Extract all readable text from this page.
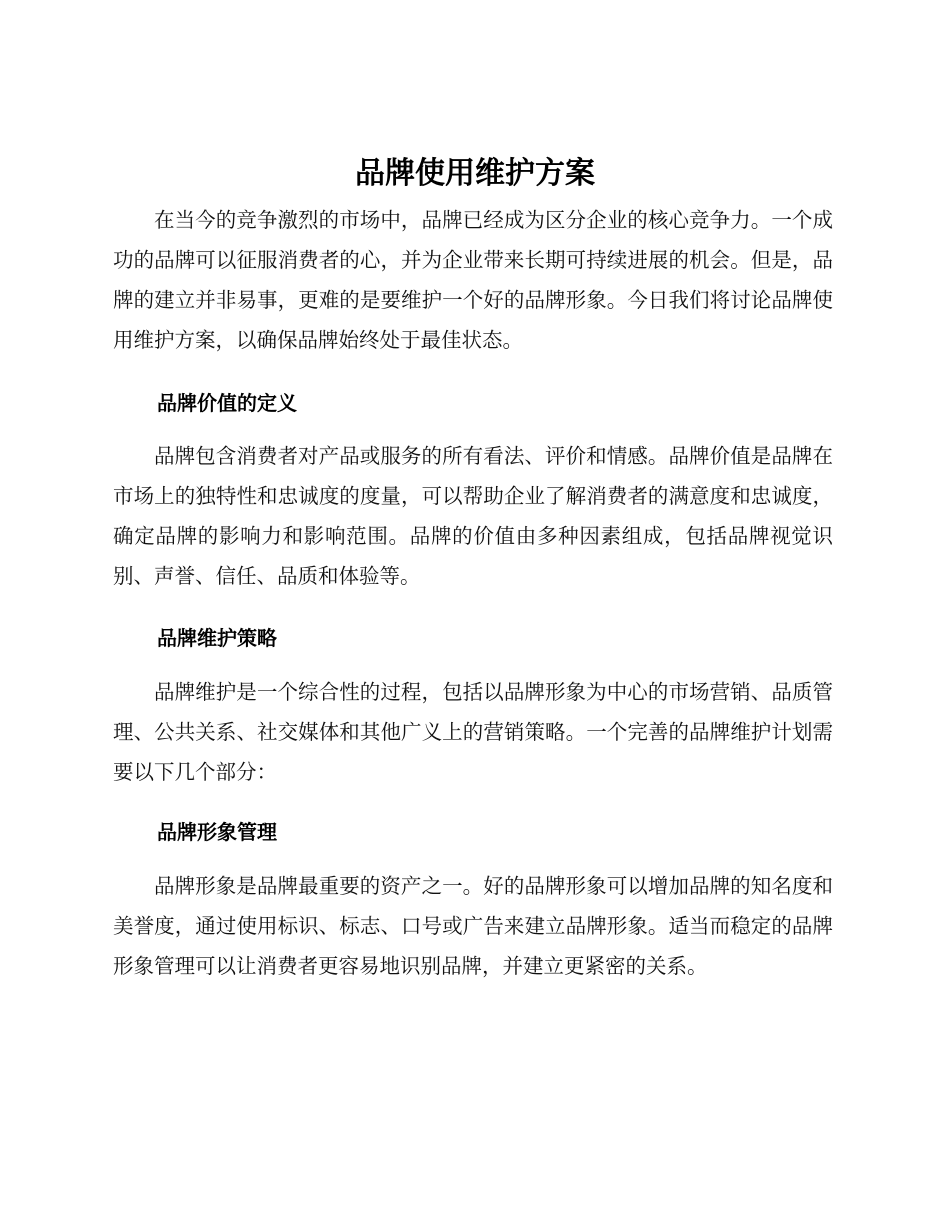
品牌使用维护方案

在当今的竞争激烈的市场中，品牌已经成为区分企业的核心竞争力。一个成功的品牌可以征服消费者的心，并为企业带来长期可持续进展的机会。但是，品牌的建立并非易事，更难的是要维护一个好的品牌形象。今日我们将讨论品牌使用维护方案，以确保品牌始终处于最佳状态。

品牌价值的定义

品牌包含消费者对产品或服务的所有看法、评价和情感。品牌价值是品牌在市场上的独特性和忠诚度的度量，可以帮助企业了解消费者的满意度和忠诚度，确定品牌的影响力和影响范围。品牌的价值由多种因素组成，包括品牌视觉识别、声誉、信任、品质和体验等。

品牌维护策略

品牌维护是一个综合性的过程，包括以品牌形象为中心的市场营销、品质管理、公共关系、社交媒体和其他广义上的营销策略。一个完善的品牌维护计划需要以下几个部分：

品牌形象管理

品牌形象是品牌最重要的资产之一。好的品牌形象可以增加品牌的知名度和美誉度，通过使用标识、标志、口号或广告来建立品牌形象。适当而稳定的品牌形象管理可以让消费者更容易地识别品牌，并建立更紧密的关系。
